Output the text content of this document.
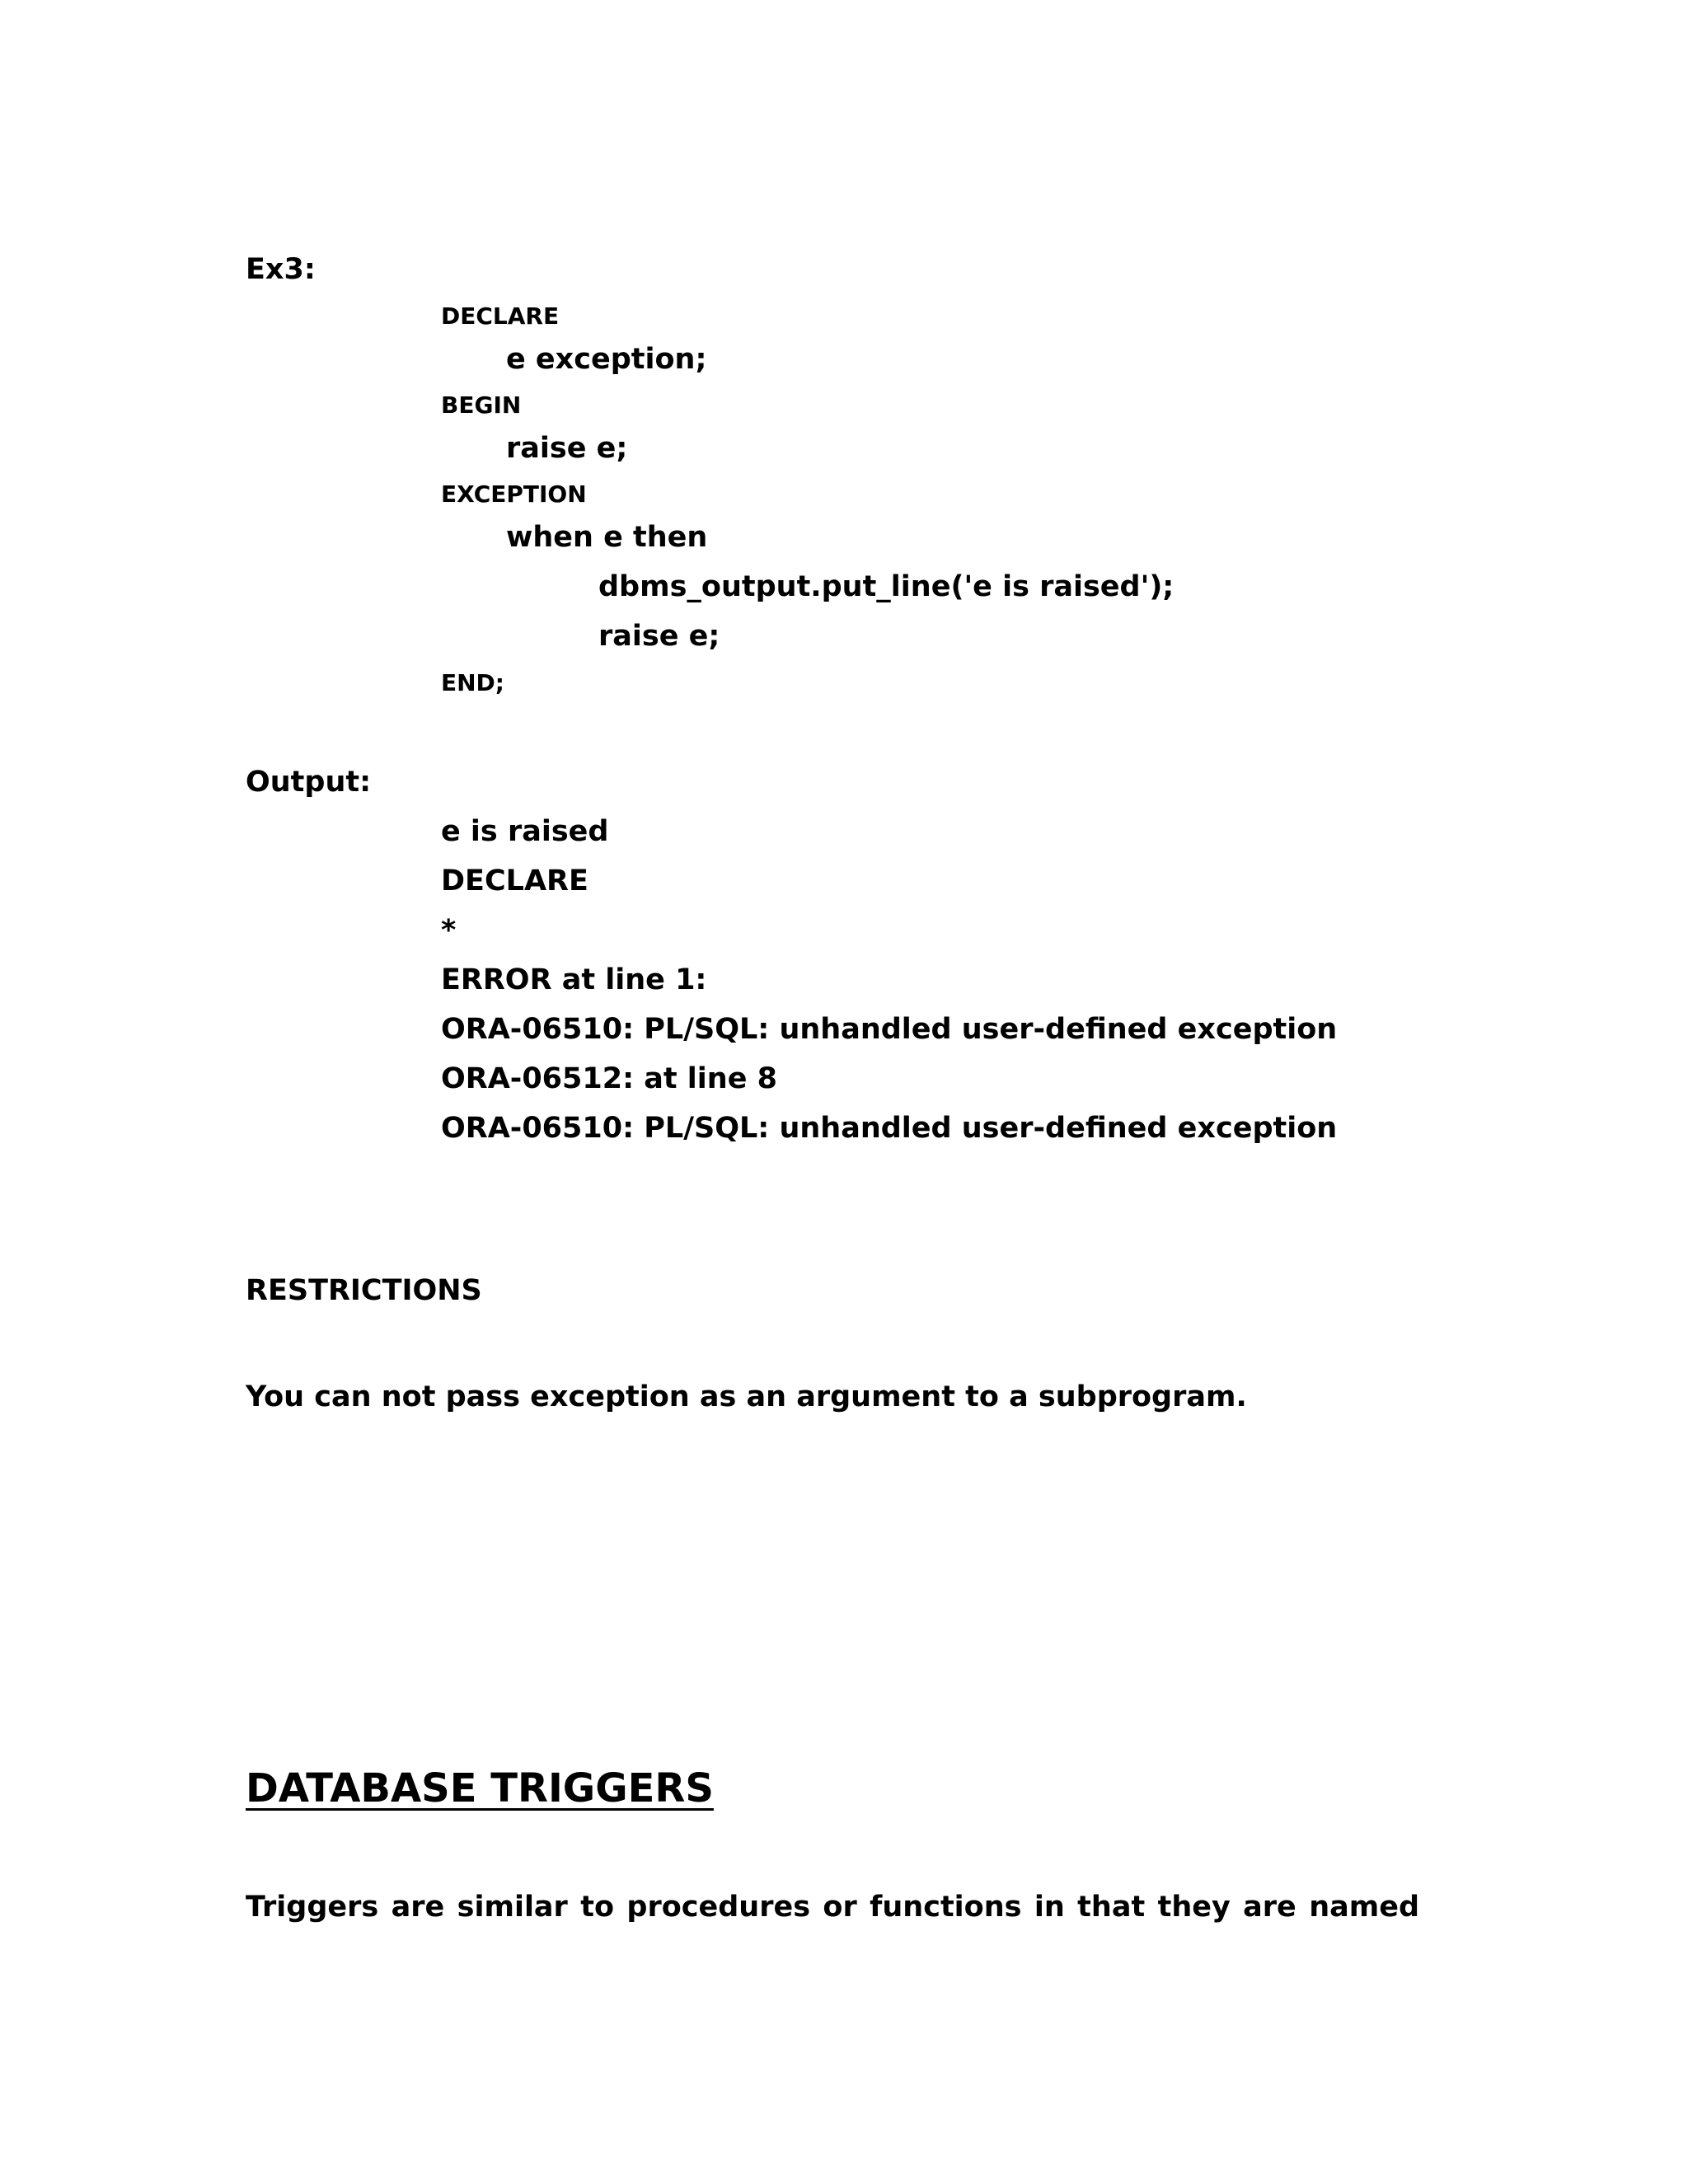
Ex3:

DECLARE

e exception;

BEGIN

raise e;

EXCEPTION

when e then

dbms_output.put_line('e is raised');

raise e;

END;

Output:

e is raised

DECLARE

*

ERROR at line 1:

ORA-06510: PL/SQL: unhandled user-defined exception

ORA-06512: at line 8

ORA-06510: PL/SQL: unhandled user-defined exception

RESTRICTIONS

You can not pass exception as an argument to a subprogram.

DATABASE TRIGGERS

Triggers are similar to procedures or functions in that they are named
